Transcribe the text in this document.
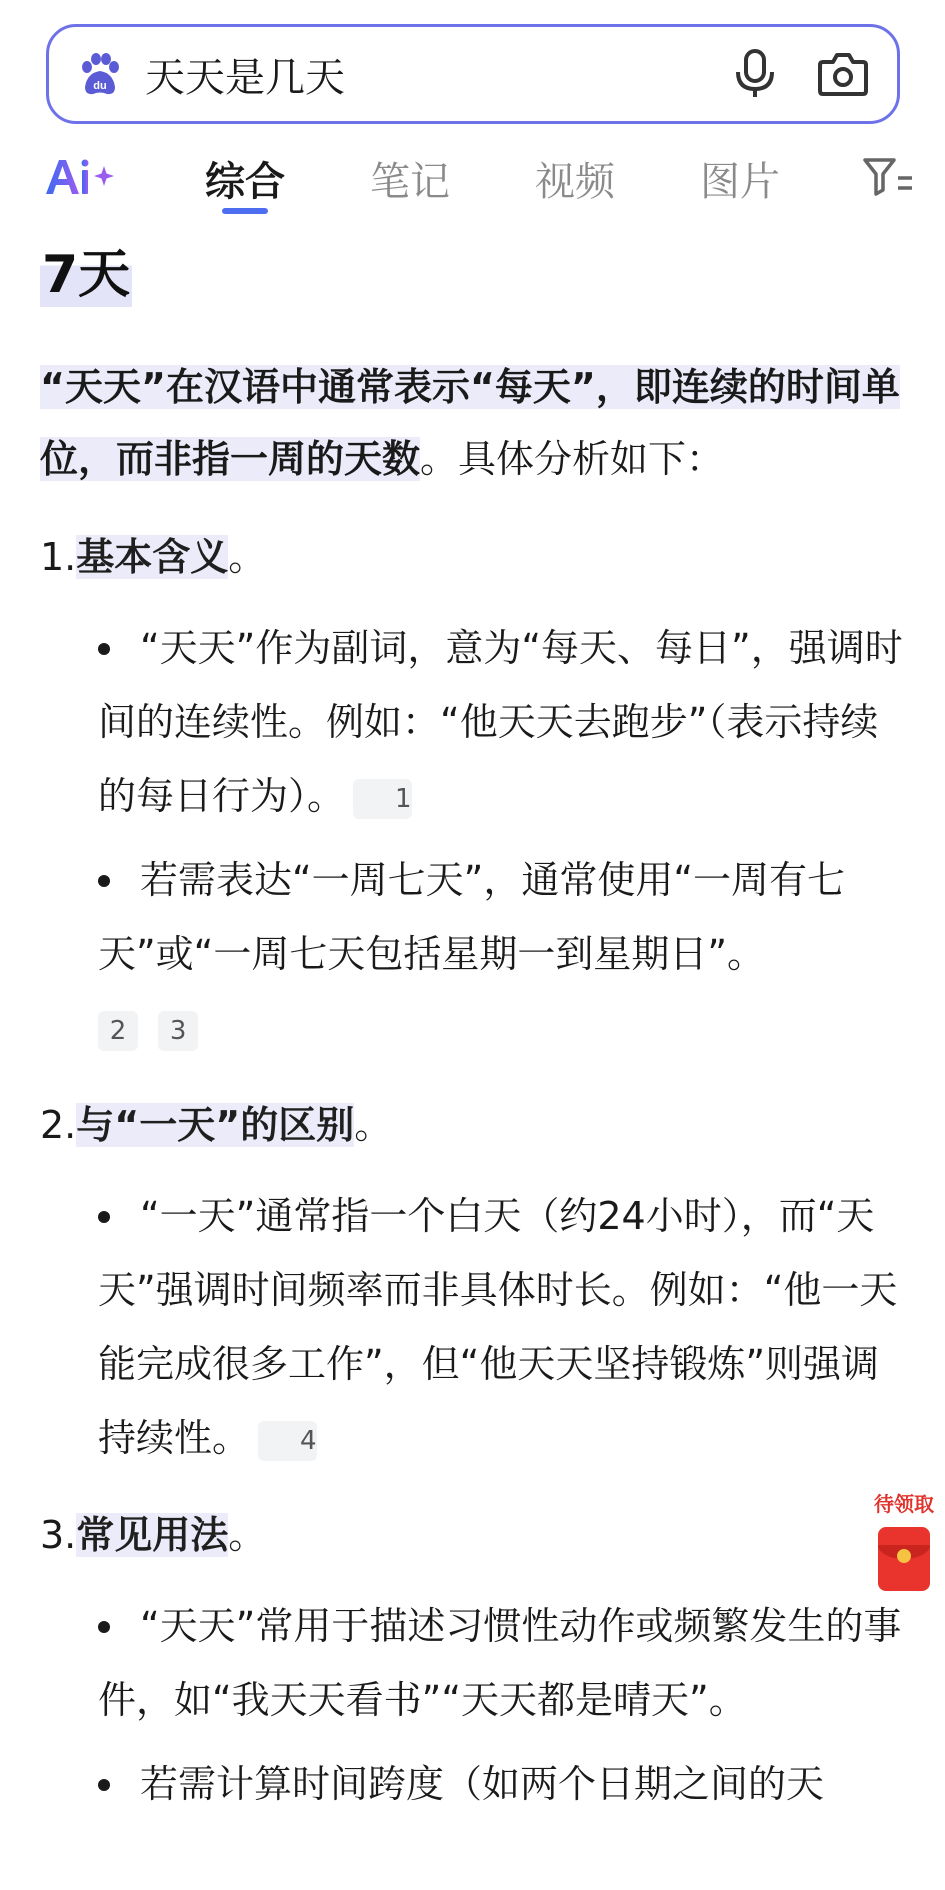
du 天天是几天
综合 笔记 视频 图片
7天

“天天”在汉语中通常表示“每天”，即连续的时间单位，而非指一周的天数。具体分析如下：

1.基本含义。
“天天”作为副词，意为“每天、每日”，强调时间的连续性。例如：“他天天去跑步”（表示持续的每日行为）。 1
若需表达“一周七天”，通常使用“一周有七天”或“一周七天包括星期一到星期日”。
2 3
2.与“一天”的区别。
“一天”通常指一个白天（约24小时），而“天天”强调时间频率而非具体时长。例如：“他一天能完成很多工作”，但“他天天坚持锻炼”则强调持续性。 4
3.常见用法。
“天天”常用于描述习惯性动作或频繁发生的事件，如“我天天看书”“天天都是晴天”。
若需计算时间跨度（如两个日期之间的天
待领取
